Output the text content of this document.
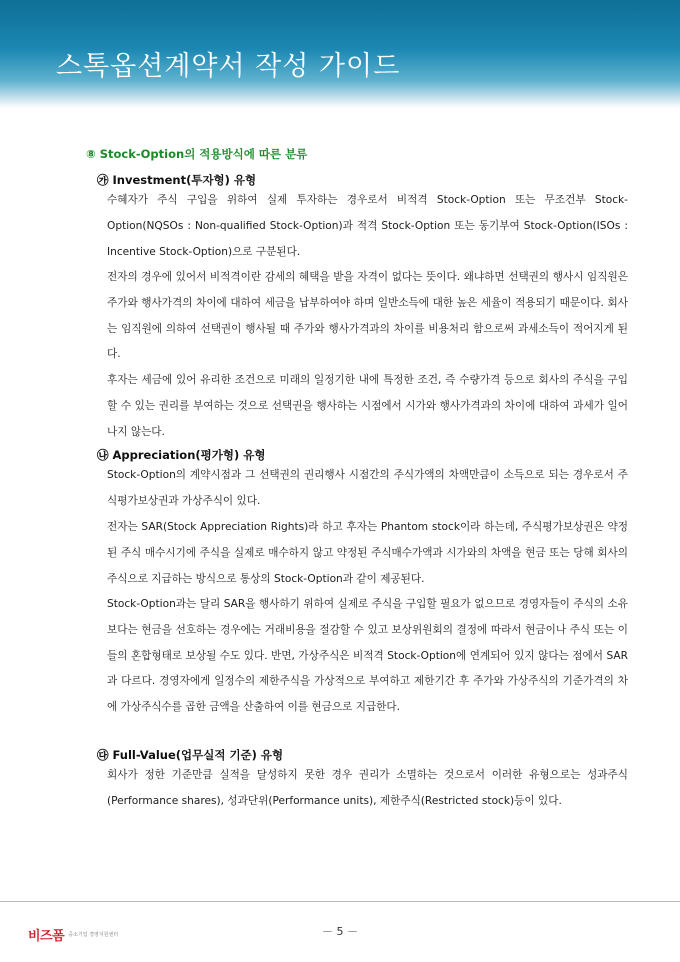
스톡옵션계약서 작성 가이드
⑧ Stock-Option의 적용방식에 따른 분류
㉮ Investment(투자형) 유형

수혜자가 주식 구입을 위하여 실제 투자하는 경우로서 비적격 Stock-Option 또는 무조건부 Stock-Option(NQSOs : Non-qualified Stock-Option)과 적격 Stock-Option 또는 동기부여 Stock-Option(ISOs : Incentive Stock-Option)으로 구분된다.

전자의 경우에 있어서 비적격이란 감세의 혜택을 받을 자격이 없다는 뜻이다. 왜냐하면 선택권의 행사시 임직원은 주가와 행사가격의 차이에 대하여 세금을 납부하여야 하며 일반소득에 대한 높은 세율이 적용되기 때문이다. 회사는 임직원에 의하여 선택권이 행사될 때 주가와 행사가격과의 차이를 비용처리 함으로써 과세소득이 적어지게 된다.

후자는 세금에 있어 유리한 조건으로 미래의 일정기한 내에 특정한 조건, 즉 수량가격 등으로 회사의 주식을 구입할 수 있는 권리를 부여하는 것으로 선택권을 행사하는 시점에서 시가와 행사가격과의 차이에 대하여 과세가 일어나지 않는다.

㉯ Appreciation(평가형) 유형

Stock-Option의 계약시점과 그 선택권의 권리행사 시점간의 주식가액의 차액만큼이 소득으로 되는 경우로서 주식평가보상권과 가상주식이 있다.

전자는 SAR(Stock Appreciation Rights)라 하고 후자는 Phantom stock이라 하는데, 주식평가보상권은 약정된 주식 매수시기에 주식을 실제로 매수하지 않고 약정된 주식매수가액과 시가와의 차액을 현금 또는 당해 회사의 주식으로 지급하는 방식으로 통상의 Stock-Option과 같이 제공된다.

Stock-Option과는 달리 SAR을 행사하기 위하여 실제로 주식을 구입할 필요가 없으므로 경영자들이 주식의 소유보다는 현금을 선호하는 경우에는 거래비용을 절감할 수 있고 보상위원회의 결정에 따라서 현금이나 주식 또는 이들의 혼합형태로 보상될 수도 있다. 반면, 가상주식은 비적격 Stock-Option에 연계되어 있지 않다는 점에서 SAR과 다르다. 경영자에게 일정수의 제한주식을 가상적으로 부여하고 제한기간 후 주가와 가상주식의 기준가격의 차에 가상주식수를 곱한 금액을 산출하여 이를 현금으로 지급한다.

㉰ Full-Value(업무실적 기준) 유형

회사가 정한 기준만큼 실적을 달성하지 못한 경우 권리가 소멸하는 것으로서 이러한 유형으로는 성과주식(Performance shares), 성과단위(Performance units), 제한주식(Restricted stock)등이 있다.

－ 5 －
비즈폼 중소기업 경영지원센터
